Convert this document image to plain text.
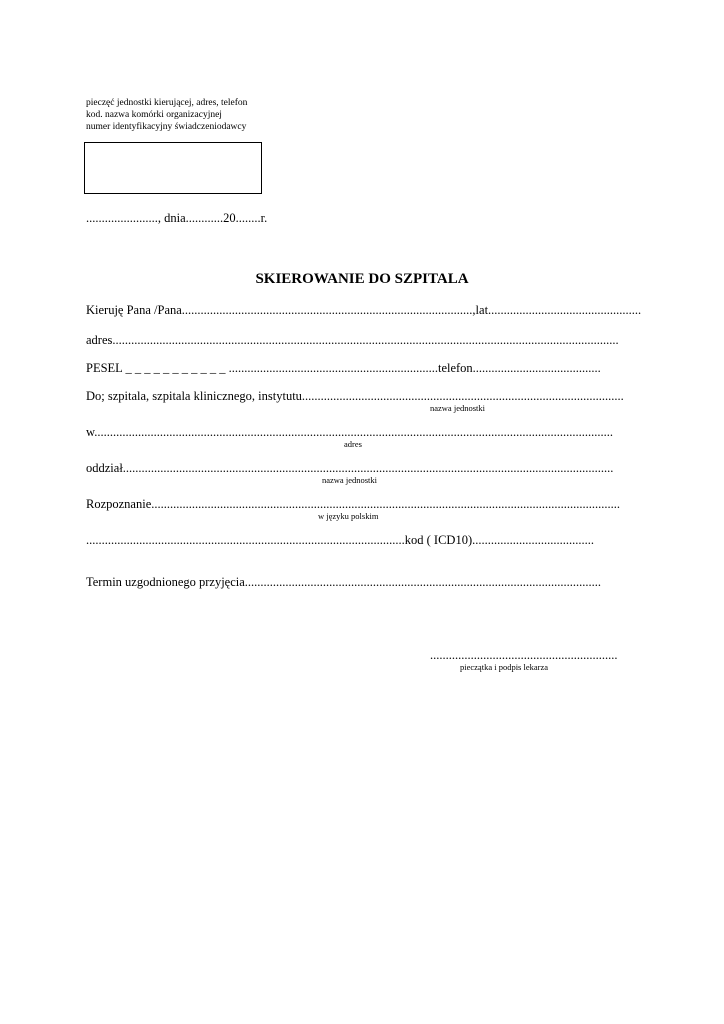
pieczęć jednostki kierującej, adres, telefon
kod. nazwa komórki organizacyjnej
numer identyfikacyjny świadczeniodawcy
......................., dnia............20........r.
SKIEROWANIE DO SZPITALA
Kieruję Pana /Pana.............................................................................................,lat.................................................
adres..................................................................................................................................................................
PESEL _ _ _ _ _ _ _ _ _ _ _ ...................................................................telefon.........................................
Do; szpitala, szpitala klinicznego, instytutu.......................................................................................................
nazwa jednostki
w......................................................................................................................................................................
adres
oddział.............................................................................................................................................................
nazwa jednostki
Rozpoznanie......................................................................................................................................................
w języku polskim
......................................................................................................kod ( ICD10).......................................
Termin uzgodnionego przyjęcia..................................................................................................................
............................................................
pieczątka i podpis lekarza
